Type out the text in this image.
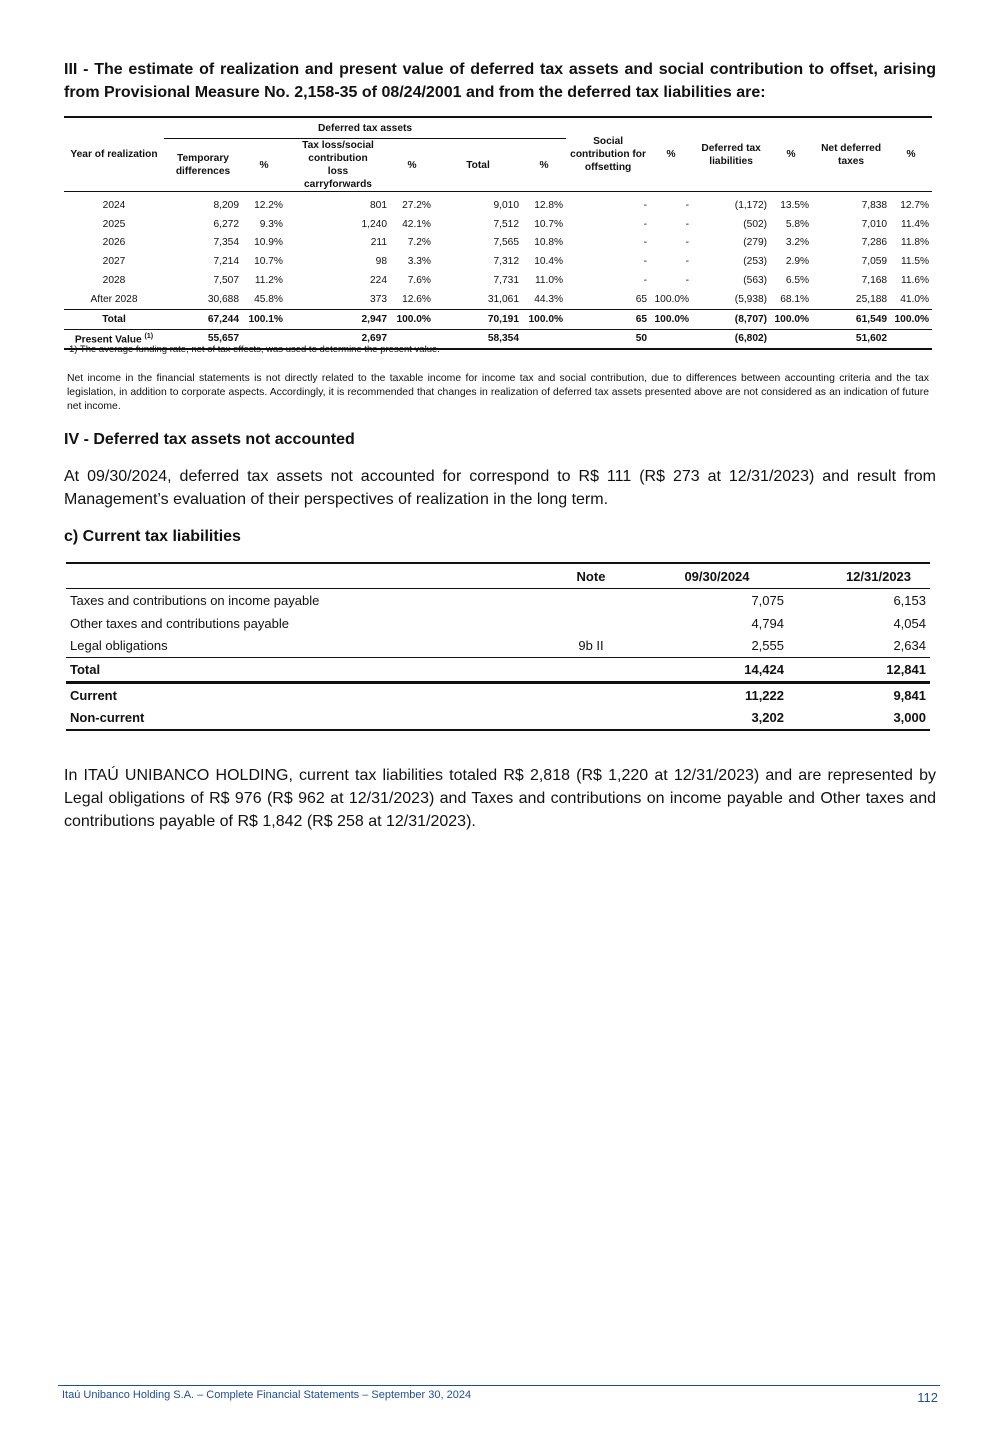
III - The estimate of realization and present value of deferred tax assets and social contribution to offset, arising from Provisional Measure No. 2,158-35 of 08/24/2001 and from the deferred tax liabilities are:
Year of realization	Deferred tax assets						Social contribution for offsetting	%	Deferred tax liabilities	%	Net deferred taxes	%
	Temporary differences	%	Tax loss/social contribution loss carryforwards	%	Total	%						
2024	8,209	12.2%	801	27.2%	9,010	12.8%	-	-	(1,172)	13.5%	7,838	12.7%
2025	6,272	9.3%	1,240	42.1%	7,512	10.7%	-	-	(502)	5.8%	7,010	11.4%
2026	7,354	10.9%	211	7.2%	7,565	10.8%	-	-	(279)	3.2%	7,286	11.8%
2027	7,214	10.7%	98	3.3%	7,312	10.4%	-	-	(253)	2.9%	7,059	11.5%
2028	7,507	11.2%	224	7.6%	7,731	11.0%	-	-	(563)	6.5%	7,168	11.6%
After 2028	30,688	45.8%	373	12.6%	31,061	44.3%	65	100.0%	(5,938)	68.1%	25,188	41.0%
Total	67,244	100.1%	2,947	100.0%	70,191	100.0%	65	100.0%	(8,707)	100.0%	61,549	100.0%
Present Value $^{(1)}$	55,657		2,697		58,354		50		(6,802)		51,602	
1) The average funding rate, net of tax effects, was used to determine the present value.
Net income in the financial statements is not directly related to the taxable income for income tax and social contribution, due to differences between accounting criteria and the tax legislation, in addition to corporate aspects. Accordingly, it is recommended that changes in realization of deferred tax assets presented above are not considered as an indication of future net income.
IV - Deferred tax assets not accounted
At 09/30/2024, deferred tax assets not accounted for correspond to R$ 111 (R$ 273 at 12/31/2023) and result from Management’s evaluation of their perspectives of realization in the long term.
c) Current tax liabilities
	Note	09/30/2024	12/31/2023
Taxes and contributions on income payable		7,075	6,153
Other taxes and contributions payable		4,794	4,054
Legal obligations	9b II	2,555	2,634
Total		14,424	12,841
Current		11,222	9,841
Non-current		3,202	3,000
In ITAÚ UNIBANCO HOLDING, current tax liabilities totaled R$ 2,818 (R$ 1,220 at 12/31/2023) and are represented by Legal obligations of R$ 976 (R$ 962 at 12/31/2023) and Taxes and contributions on income payable and Other taxes and contributions payable of R$ 1,842 (R$ 258 at 12/31/2023).
Itaú Unibanco Holding S.A. – Complete Financial Statements – September 30, 2024	112
